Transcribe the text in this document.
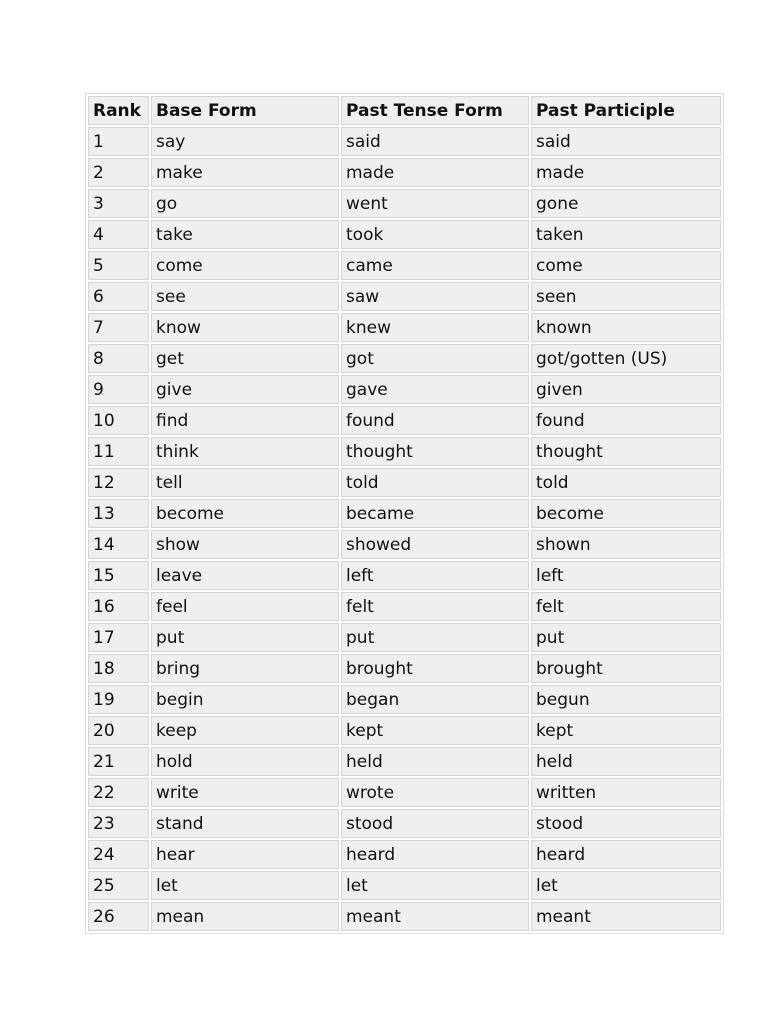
Rank	Base Form	Past Tense Form	Past Participle
1	say	said	said
2	make	made	made
3	go	went	gone
4	take	took	taken
5	come	came	come
6	see	saw	seen
7	know	knew	known
8	get	got	got/gotten (US)
9	give	gave	given
10	find	found	found
11	think	thought	thought
12	tell	told	told
13	become	became	become
14	show	showed	shown
15	leave	left	left
16	feel	felt	felt
17	put	put	put
18	bring	brought	brought
19	begin	began	begun
20	keep	kept	kept
21	hold	held	held
22	write	wrote	written
23	stand	stood	stood
24	hear	heard	heard
25	let	let	let
26	mean	meant	meant
